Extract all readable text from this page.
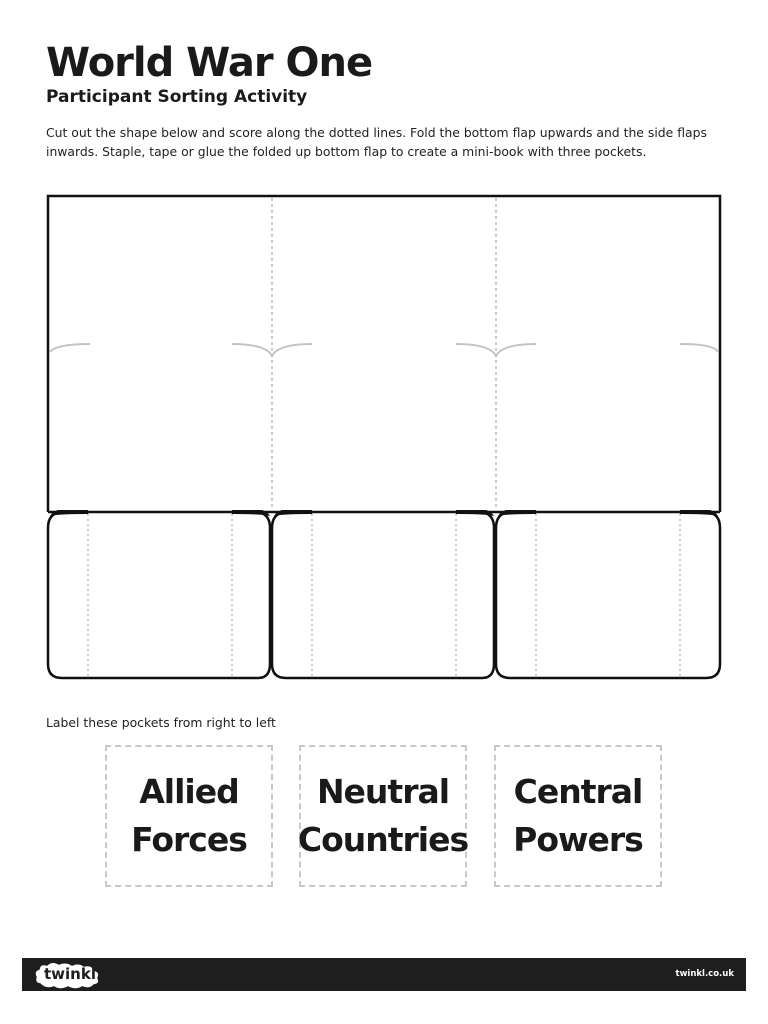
World War One
Participant Sorting Activity

Cut out the shape below and score along the dotted lines. Fold the bottom flap upwards and the side flaps inwards. Staple, tape or glue the folded up bottom flap to create a mini-book with three pockets.

Label these pockets from right to left

Allied
Forces
Neutral
Countries
Central
Powers
twinkl	twinkl.co.uk
